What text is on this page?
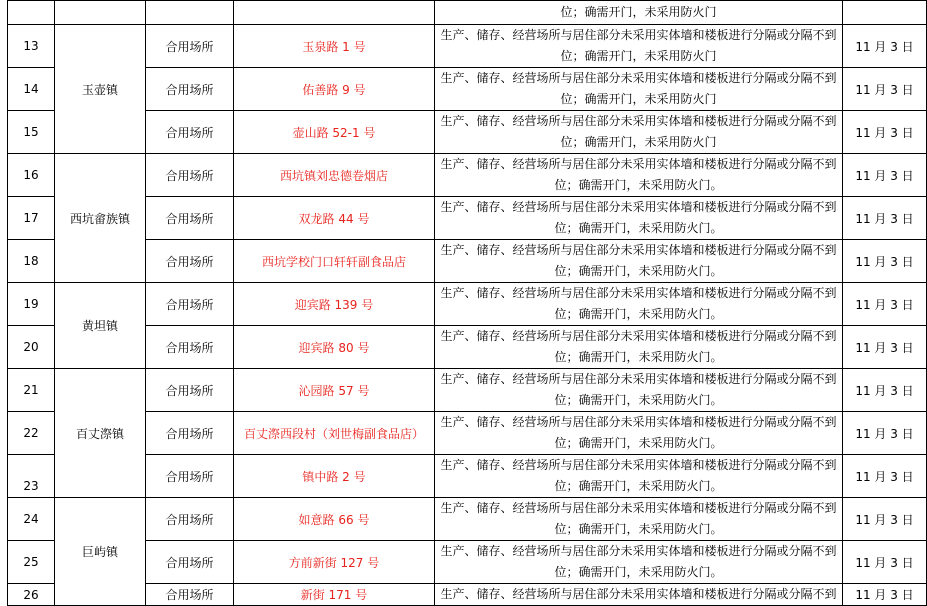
				位；确需开门，未采用防火门	

13	玉壶镇	合用场所	玉泉路 1 号	生产、储存、经营场所与居住部分未采用实体墙和楼板进行分隔或分隔不到
位；确需开门，未采用防火门	11 月 3 日
14		合用场所	佑善路 9 号	生产、储存、经营场所与居住部分未采用实体墙和楼板进行分隔或分隔不到
位；确需开门，未采用防火门	11 月 3 日
15		合用场所	壶山路 52-1 号	生产、储存、经营场所与居住部分未采用实体墙和楼板进行分隔或分隔不到
位；确需开门，未采用防火门	11 月 3 日
16	西坑畲族镇	合用场所	西坑镇刘忠德卷烟店	生产、储存、经营场所与居住部分未采用实体墙和楼板进行分隔或分隔不到
位；确需开门，未采用防火门。	11 月 3 日
17		合用场所	双龙路 44 号	生产、储存、经营场所与居住部分未采用实体墙和楼板进行分隔或分隔不到
位；确需开门，未采用防火门。	11 月 3 日
18		合用场所	西坑学校门口轩轩副食品店	生产、储存、经营场所与居住部分未采用实体墙和楼板进行分隔或分隔不到
位；确需开门，未采用防火门。	11 月 3 日
19	黄坦镇	合用场所	迎宾路 139 号	生产、储存、经营场所与居住部分未采用实体墙和楼板进行分隔或分隔不到
位；确需开门，未采用防火门。	11 月 3 日
20		合用场所	迎宾路 80 号	生产、储存、经营场所与居住部分未采用实体墙和楼板进行分隔或分隔不到
位；确需开门，未采用防火门。	11 月 3 日
21	百丈漈镇	合用场所	沁园路 57 号	生产、储存、经营场所与居住部分未采用实体墙和楼板进行分隔或分隔不到
位；确需开门，未采用防火门。	11 月 3 日
22		合用场所	百丈漈西段村（刘世梅副食品店）	生产、储存、经营场所与居住部分未采用实体墙和楼板进行分隔或分隔不到
位；确需开门，未采用防火门。	11 月 3 日
23		合用场所	镇中路 2 号	生产、储存、经营场所与居住部分未采用实体墙和楼板进行分隔或分隔不到
位；确需开门，未采用防火门。	11 月 3 日
24	巨屿镇	合用场所	如意路 66 号	生产、储存、经营场所与居住部分未采用实体墙和楼板进行分隔或分隔不到
位；确需开门，未采用防火门。	11 月 3 日
25		合用场所	方前新街 127 号	生产、储存、经营场所与居住部分未采用实体墙和楼板进行分隔或分隔不到
位；确需开门，未采用防火门。	11 月 3 日
26		合用场所	新街 171 号	生产、储存、经营场所与居住部分未采用实体墙和楼板进行分隔或分隔不到	11 月 3 日
